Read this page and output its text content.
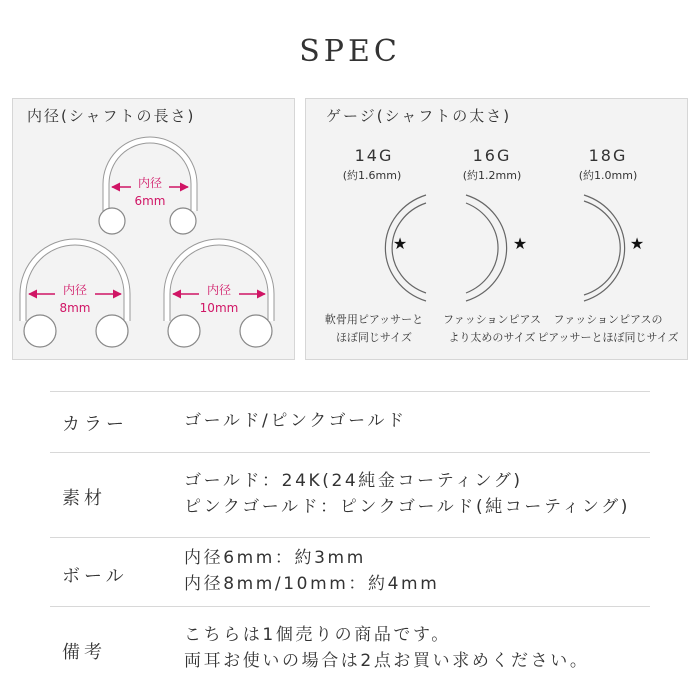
SPEC
内径(シャフトの長さ)
内径
6mm
内径
8mm
内径
10mm
ゲージ(シャフトの太さ)
14G
(約1.6mm)
★
軟骨用ピアッサーと
ほぼ同じサイズ
16G
(約1.2mm)
★
ファッションピアス
より太めのサイズ
18G
(約1.0mm)
★
ファッションピアスの
ピアッサーとほぼ同じサイズ
カラー	ゴールド/ピンクゴールド
素材
ゴールド：24K(24純金コーティング)
ピンクゴールド：ピンクゴールド(純コーティング)
ボール
内径6mm：約3mm
内径8mm/10mm：約4mm
備考
こちらは1個売りの商品です。
両耳お使いの場合は2点お買い求めください。
